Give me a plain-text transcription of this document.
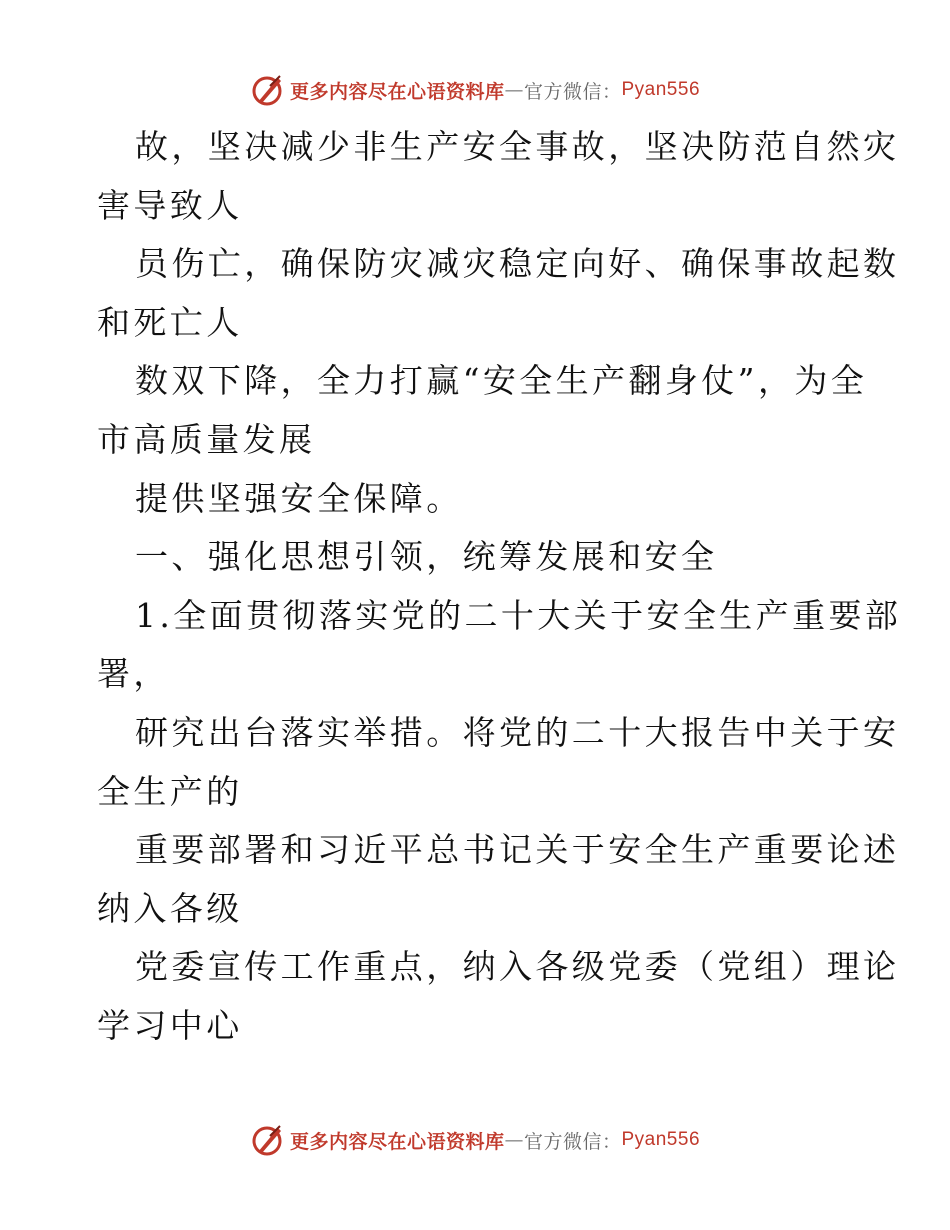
更多内容尽在心语资料库 — 官方微信： Pyan556
故，坚决减少非生产安全事故，坚决防范自然灾
害导致人
员伤亡，确保防灾减灾稳定向好、确保事故起数
和死亡人
数双下降，全力打赢“安全生产翻身仗”，为全
市高质量发展
提供坚强安全保障。
一、强化思想引领，统筹发展和安全
1.全面贯彻落实党的二十大关于安全生产重要部
署，
研究出台落实举措。将党的二十大报告中关于安
全生产的
重要部署和习近平总书记关于安全生产重要论述
纳入各级
党委宣传工作重点，纳入各级党委（党组）理论
学习中心
更多内容尽在心语资料库 — 官方微信： Pyan556
